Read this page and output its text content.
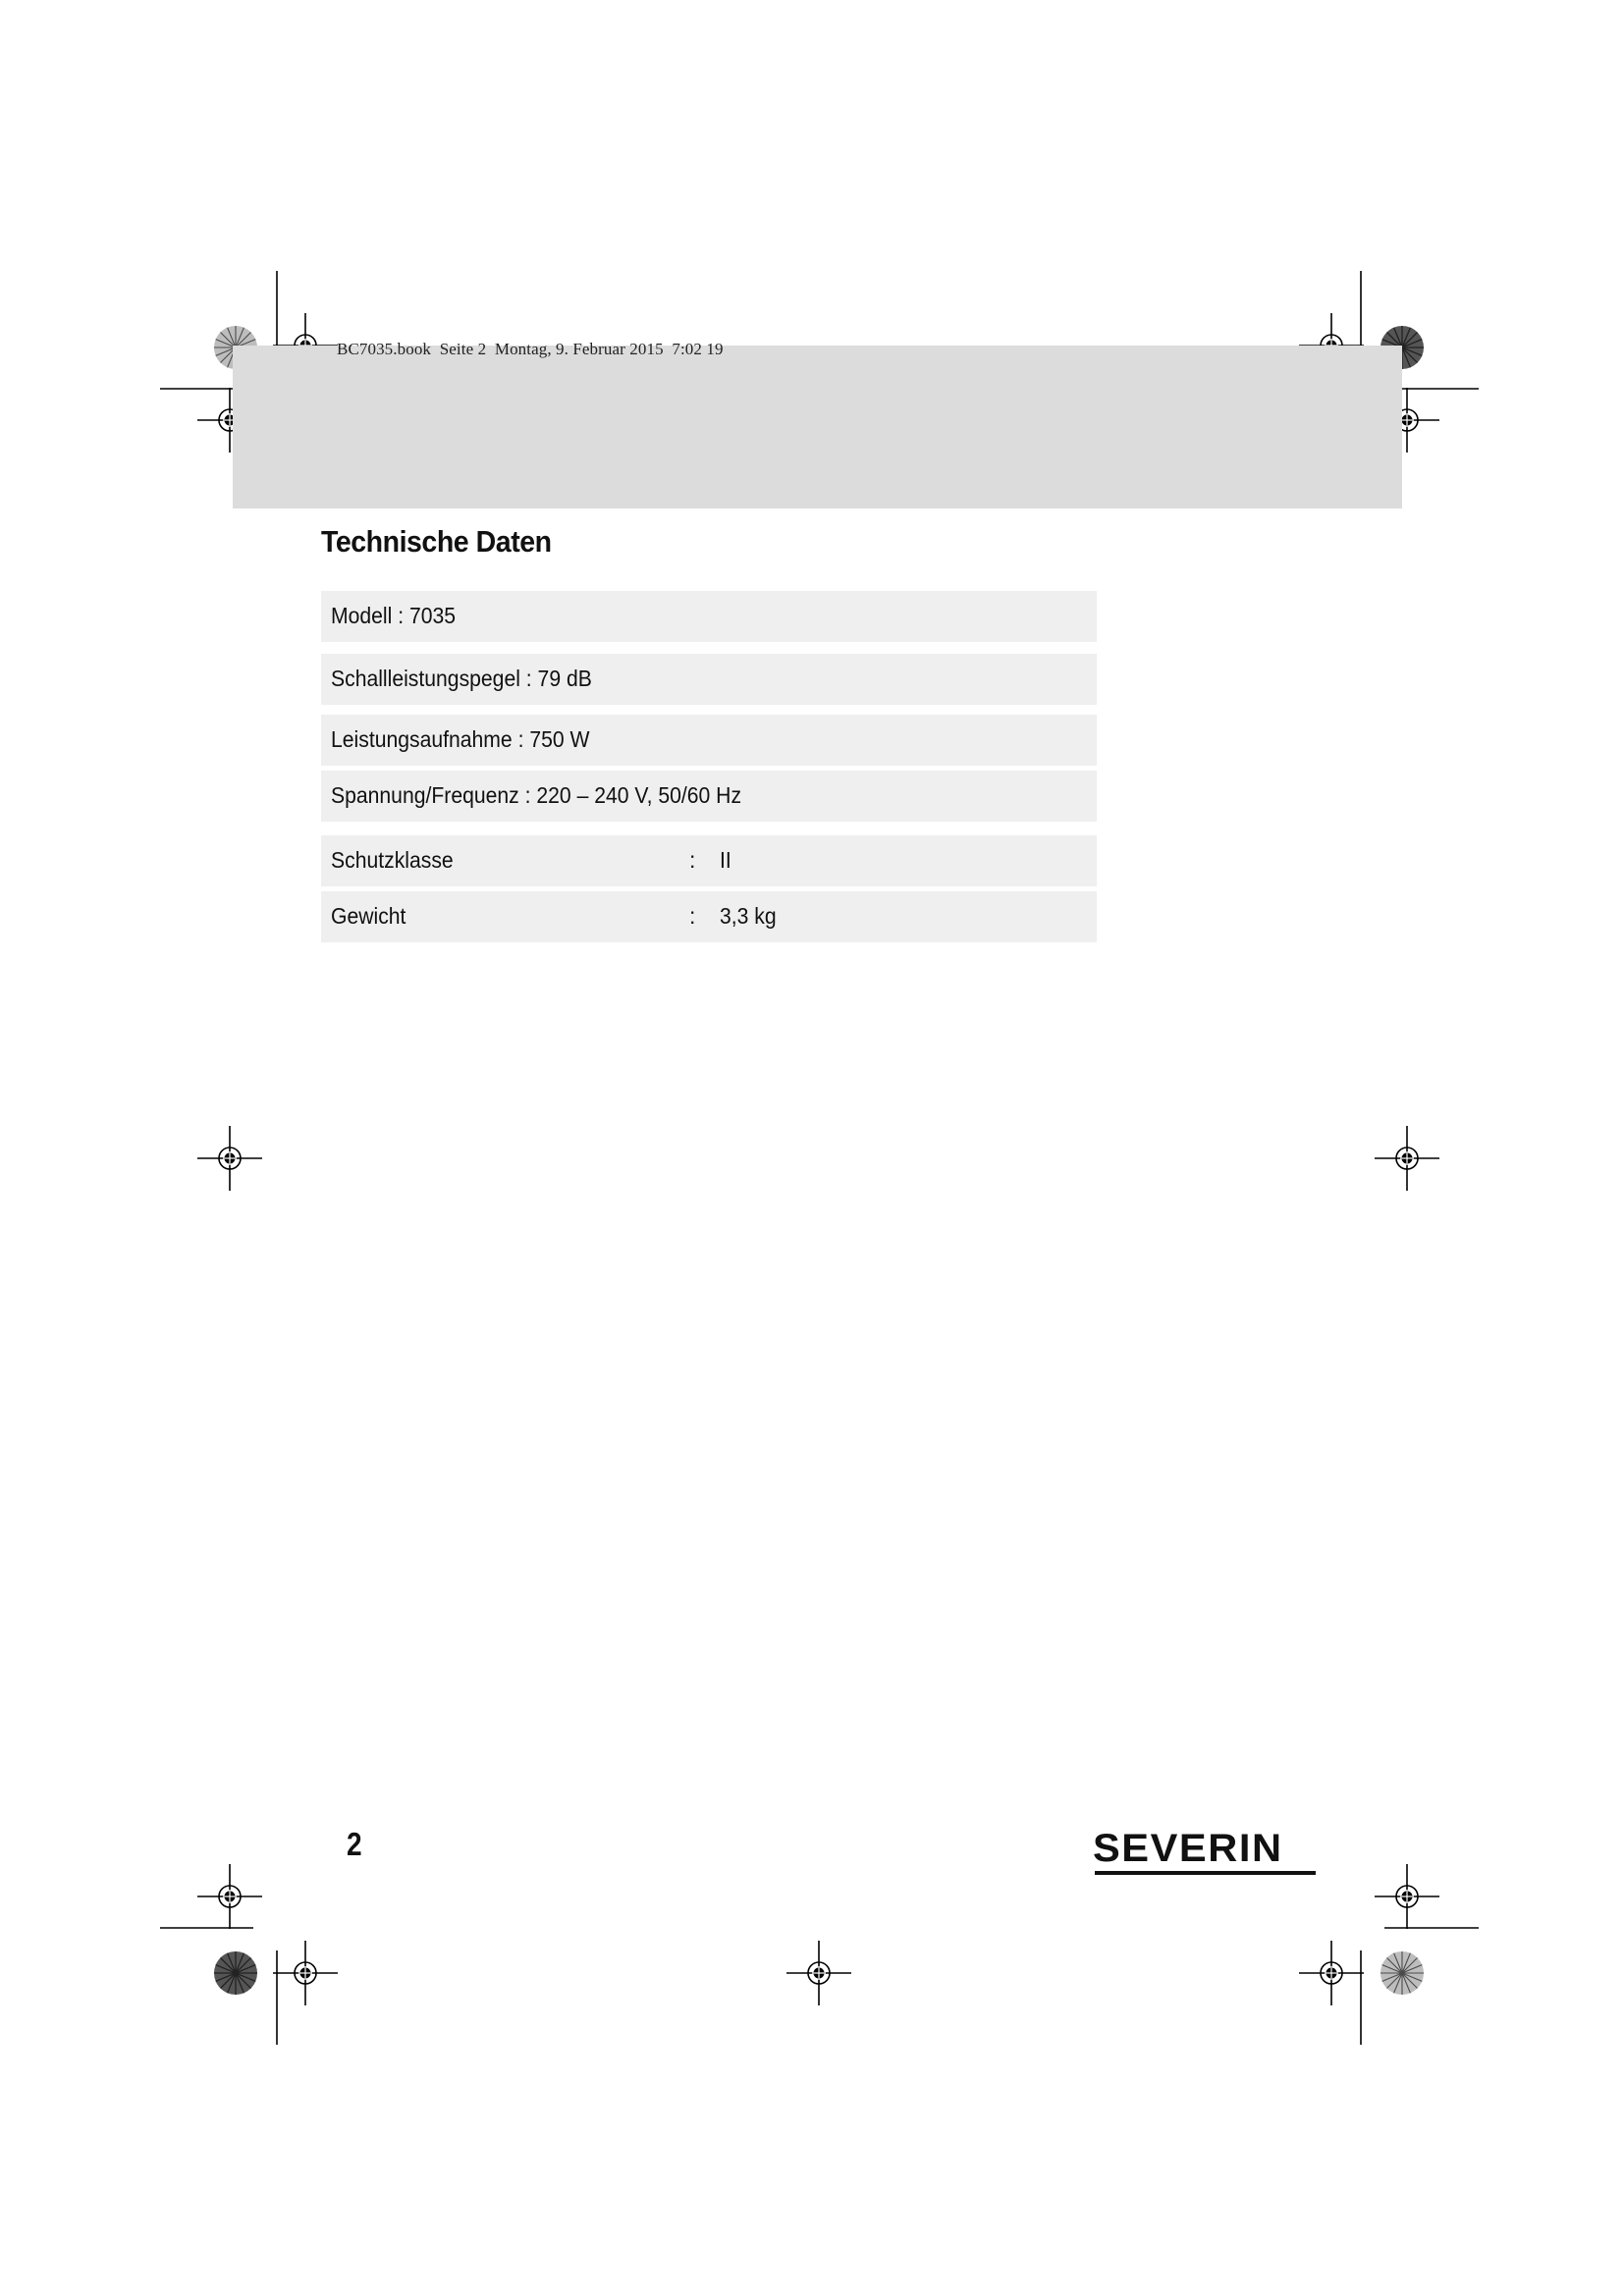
BC7035.book  Seite 2  Montag, 9. Februar 2015  7:02 19
Technische Daten
Modell : 7035
Schallleistungspegel : 79 dB
Leistungsaufnahme : 750 W
Spannung/Frequenz : 220 – 240 V, 50/60 Hz
Schutzklasse	: II
Gewicht	: 3,3 kg
2	SEVERIN
